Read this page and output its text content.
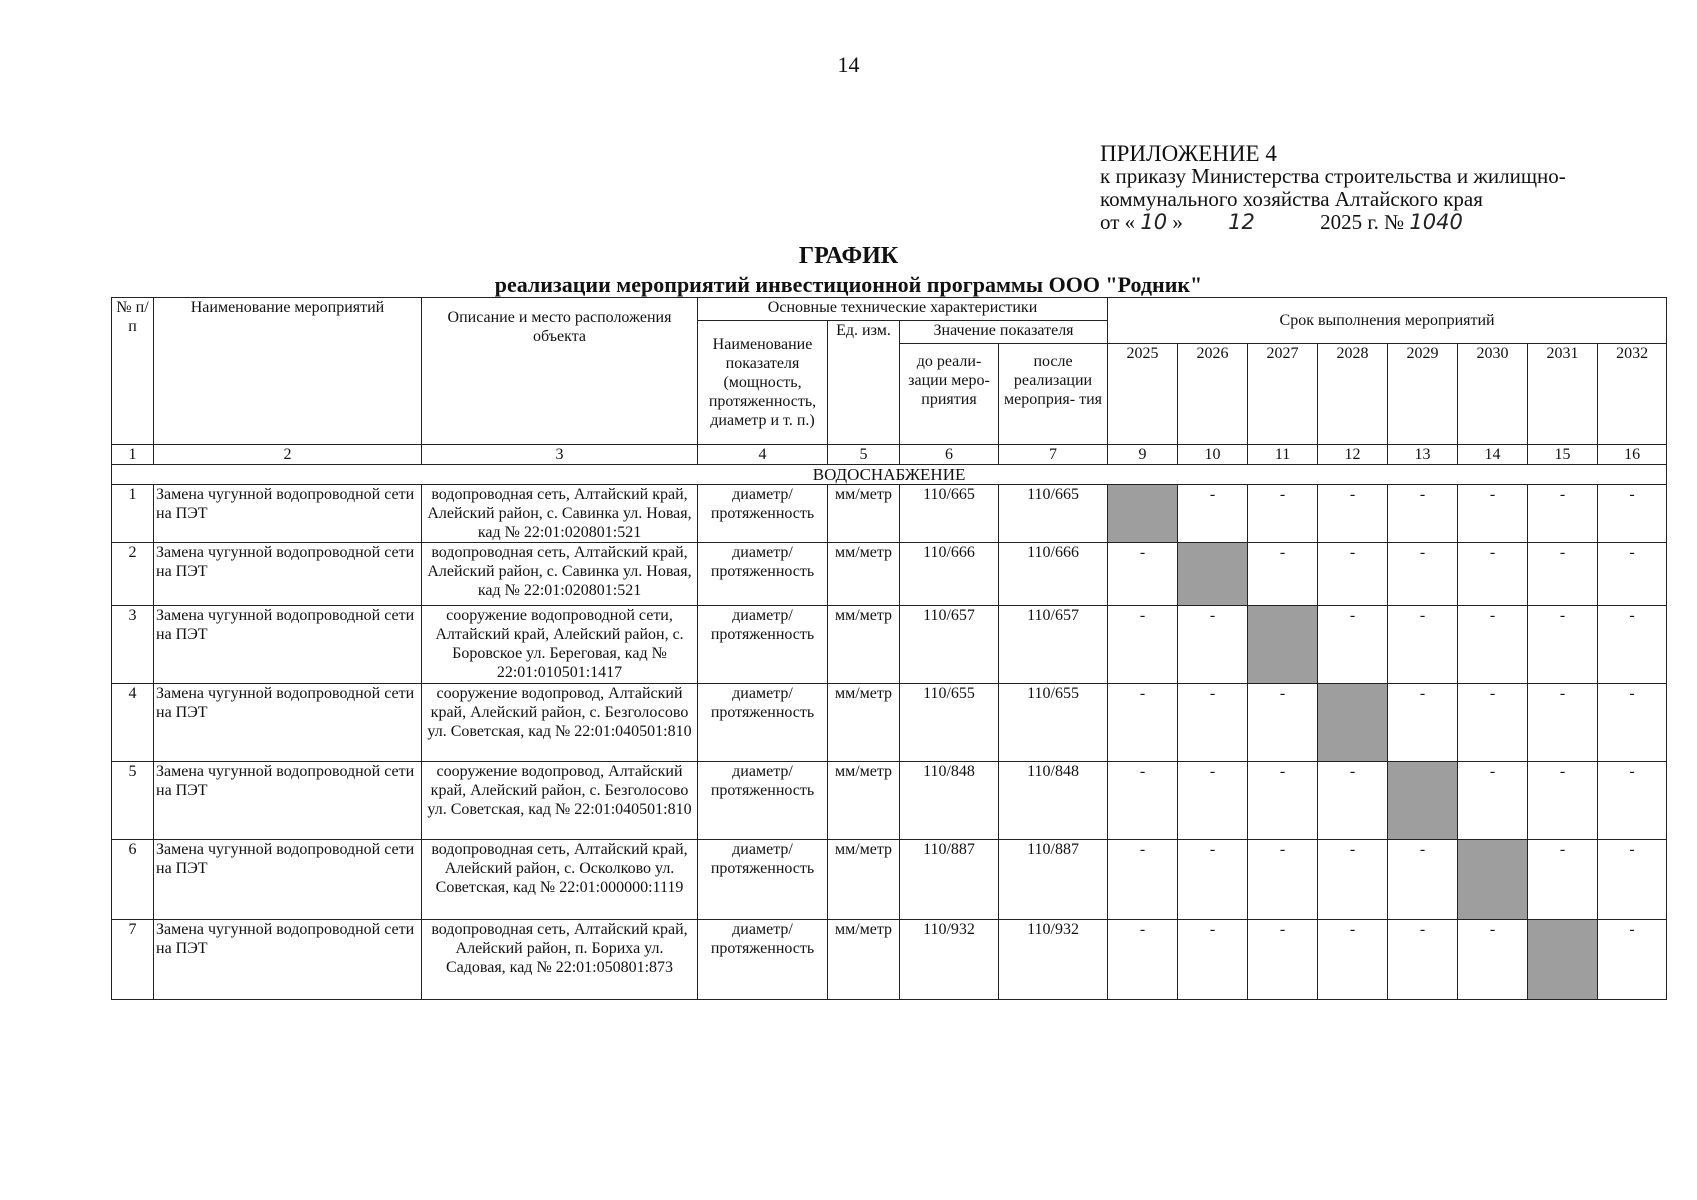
14
ПРИЛОЖЕНИЕ 4
к приказу Министерства строительства и жилищно-
коммунального хозяйства Алтайского края
от « 10 » 12	2025 г. № 1040
ГРАФИК
реализации мероприятий инвестиционной программы ООО "Родник"
№ п/п	Наименование мероприятий	Описание и место расположения объекта	Основные технические характеристики				Срок выполнения мероприятий							
			Наименование показателя (мощность, протяженность, диаметр и т. п.)	Ед. изм.	Значение показателя									
					до реали- зации меро- приятия	после реализации мероприя- тия	2025	2026	2027	2028	2029	2030	2031	2032
1	2	3	4	5	6	7	9	10	11	12	13	14	15	16
ВОДОСНАБЖЕНИЕ														
1	Замена чугунной водопроводной сети на ПЭТ	водопроводная сеть, Алтайский край, Алейский район, с. Савинка ул. Новая, кад № 22:01:020801:521	диаметр/ протяженность	мм/метр	110/665	110/665		-	-	-	-	-	-	-
2	Замена чугунной водопроводной сети на ПЭТ	водопроводная сеть, Алтайский край, Алейский район, с. Савинка ул. Новая, кад № 22:01:020801:521	диаметр/ протяженность	мм/метр	110/666	110/666	-		-	-	-	-	-	-
3	Замена чугунной водопроводной сети на ПЭТ	сооружение водопроводной сети, Алтайский край, Алейский район, с. Боровское ул. Береговая, кад № 22:01:010501:1417	диаметр/ протяженность	мм/метр	110/657	110/657	-	-		-	-	-	-	-
4	Замена чугунной водопроводной сети на ПЭТ	сооружение водопровод, Алтайский край, Алейский район, с. Безголосово ул. Советская, кад № 22:01:040501:810	диаметр/ протяженность	мм/метр	110/655	110/655	-	-	-		-	-	-	-
5	Замена чугунной водопроводной сети на ПЭТ	сооружение водопровод, Алтайский край, Алейский район, с. Безголосово ул. Советская, кад № 22:01:040501:810	диаметр/ протяженность	мм/метр	110/848	110/848	-	-	-	-		-	-	-
6	Замена чугунной водопроводной сети на ПЭТ	водопроводная сеть, Алтайский край, Алейский район, с. Осколково ул. Советская, кад № 22:01:000000:1119	диаметр/ протяженность	мм/метр	110/887	110/887	-	-	-	-	-		-	-
7	Замена чугунной водопроводной сети на ПЭТ	водопроводная сеть, Алтайский край, Алейский район, п. Бориха ул. Садовая, кад № 22:01:050801:873	диаметр/ протяженность	мм/метр	110/932	110/932	-	-	-	-	-	-		-
